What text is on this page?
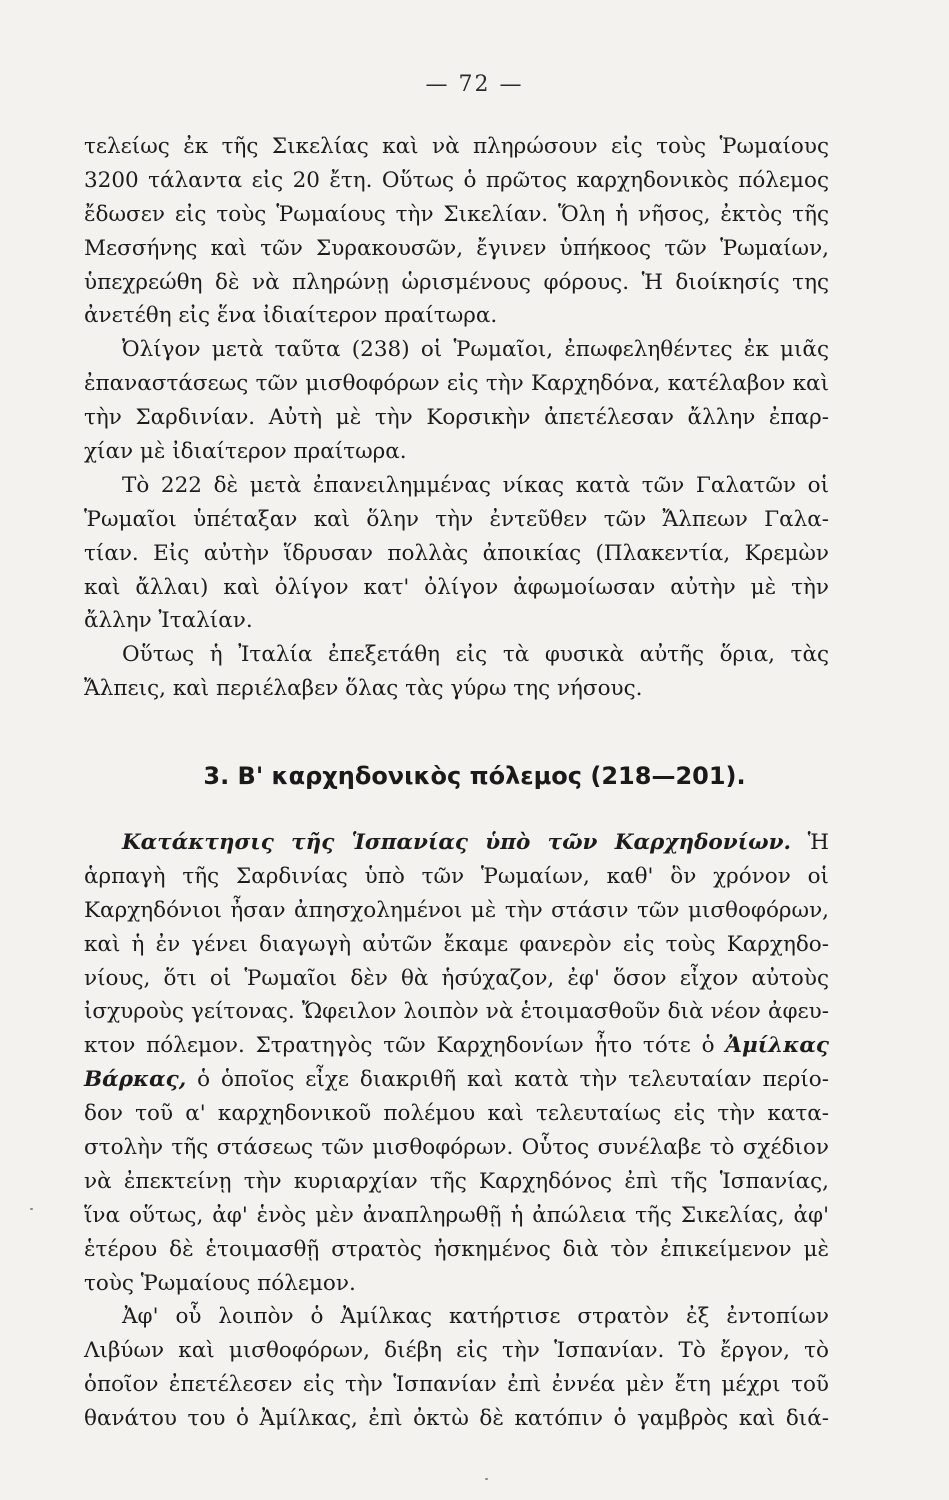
— 72 —
τελείως ἐκ τῆς Σικελίας καὶ νὰ πληρώσουν εἰς τοὺς Ῥωμαίους
3200 τάλαντα εἰς 20 ἔτη. Οὕτως ὁ πρῶτος καρχηδονικὸς πόλεμος
ἔδωσεν εἰς τοὺς Ῥωμαίους τὴν Σικελίαν. Ὅλη ἡ νῆσος, ἐκτὸς τῆς
Μεσσήνης καὶ τῶν Συρακουσῶν, ἔγινεν ὑπήκοος τῶν Ῥωμαίων,
ὑπεχρεώθη δὲ νὰ πληρώνῃ ὡρισμένους φόρους. Ἡ διοίκησίς της
ἀνετέθη εἰς ἕνα ἰδιαίτερον πραίτωρα.
Ὀλίγον μετὰ ταῦτα (238) οἱ Ῥωμαῖοι, ἐπωφεληθέντες ἐκ μιᾶς
ἐπαναστάσεως τῶν μισθοφόρων εἰς τὴν Καρχηδόνα, κατέλαβον καὶ
τὴν Σαρδινίαν. Αὐτὴ μὲ τὴν Κορσικὴν ἀπετέλεσαν ἄλλην ἐπαρ-
χίαν μὲ ἰδιαίτερον πραίτωρα.
Τὸ 222 δὲ μετὰ ἐπανειλημμένας νίκας κατὰ τῶν Γαλατῶν οἱ
Ῥωμαῖοι ὑπέταξαν καὶ ὅλην τὴν ἐντεῦθεν τῶν Ἄλπεων Γαλα-
τίαν. Εἰς αὐτὴν ἵδρυσαν πολλὰς ἀποικίας (Πλακεντία, Κρεμὼν
καὶ ἄλλαι) καὶ ὀλίγον κατ' ὀλίγον ἀφωμοίωσαν αὐτὴν μὲ τὴν
ἄλλην Ἰταλίαν.
Οὕτως ἡ Ἰταλία ἐπεξετάθη εἰς τὰ φυσικὰ αὐτῆς ὅρια, τὰς
Ἄλπεις, καὶ περιέλαβεν ὅλας τὰς γύρω της νήσους.
3. Β' καρχηδονικὸς πόλεμος (218—201).
Κατάκτησις τῆς Ἱσπανίας ὑπὸ τῶν Καρχηδονίων. Ἡ
ἁρπαγὴ τῆς Σαρδινίας ὑπὸ τῶν Ῥωμαίων, καθ' ὃν χρόνον οἱ
Καρχηδόνιοι ἦσαν ἀπησχολημένοι μὲ τὴν στάσιν τῶν μισθοφόρων,
καὶ ἡ ἐν γένει διαγωγὴ αὐτῶν ἔκαμε φανερὸν εἰς τοὺς Καρχηδο-
νίους, ὅτι οἱ Ῥωμαῖοι δὲν θὰ ἡσύχαζον, ἐφ' ὅσον εἶχον αὐτοὺς
ἰσχυροὺς γείτονας. Ὤφειλον λοιπὸν νὰ ἑτοιμασθοῦν διὰ νέον ἀφευ-
κτον πόλεμον. Στρατηγὸς τῶν Καρχηδονίων ἦτο τότε ὁ Ἀμίλκας
Βάρκας, ὁ ὁποῖος εἶχε διακριθῆ καὶ κατὰ τὴν τελευταίαν περίο-
δον τοῦ α' καρχηδονικοῦ πολέμου καὶ τελευταίως εἰς τὴν κατα-
στολὴν τῆς στάσεως τῶν μισθοφόρων. Οὗτος συνέλαβε τὸ σχέδιον
νὰ ἐπεκτείνῃ τὴν κυριαρχίαν τῆς Καρχηδόνος ἐπὶ τῆς Ἱσπανίας,
ἵνα οὕτως, ἀφ' ἑνὸς μὲν ἀναπληρωθῇ ἡ ἀπώλεια τῆς Σικελίας, ἀφ'
ἑτέρου δὲ ἑτοιμασθῇ στρατὸς ἠσκημένος διὰ τὸν ἐπικείμενον μὲ
τοὺς Ῥωμαίους πόλεμον.
Ἀφ' οὗ λοιπὸν ὁ Ἀμίλκας κατήρτισε στρατὸν ἐξ ἐντοπίων
Λιβύων καὶ μισθοφόρων, διέβη εἰς τὴν Ἱσπανίαν. Τὸ ἔργον, τὸ
ὁποῖον ἐπετέλεσεν εἰς τὴν Ἱσπανίαν ἐπὶ ἐννέα μὲν ἔτη μέχρι τοῦ
θανάτου του ὁ Ἀμίλκας, ἐπὶ ὀκτὼ δὲ κατόπιν ὁ γαμβρὸς καὶ διά-
